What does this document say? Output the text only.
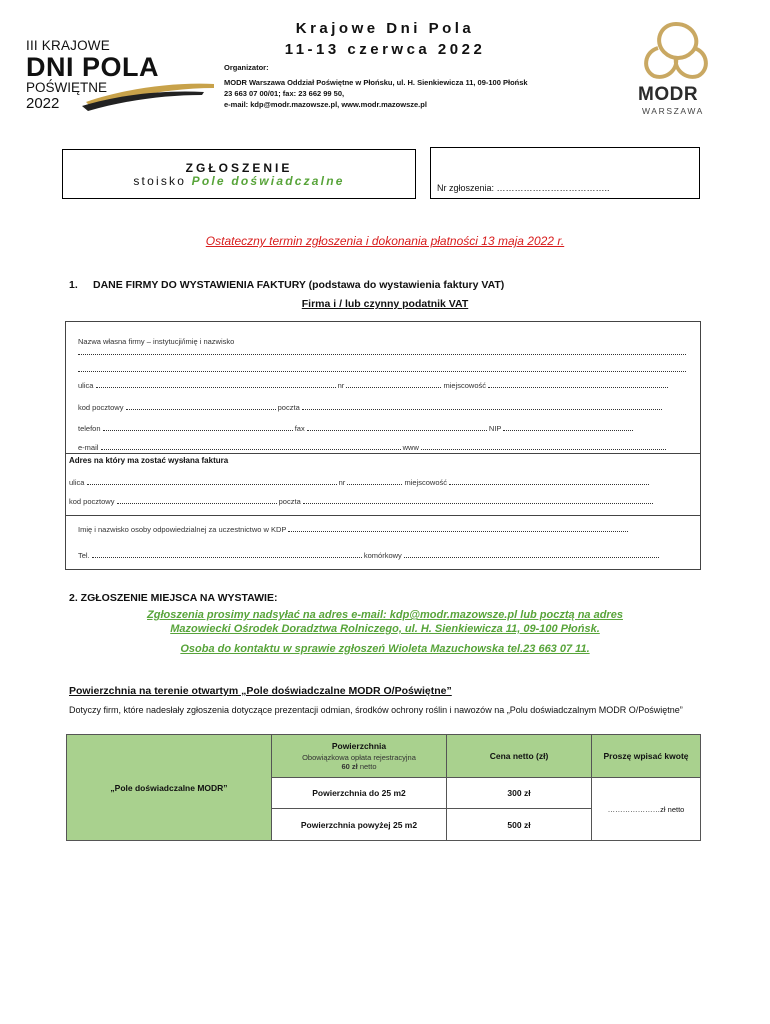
III KRAJOWE
DNI POLA
POŚWIĘTNE
2022
Krajowe Dni Pola
11-13 czerwca 2022
Organizator:
MODR Warszawa Oddział Poświętne w Płońsku, ul. H. Sienkiewicza 11, 09-100 Płońsk
23 663 07 00/01; fax: 23 662 99 50,
e-mail: kdp@modr.mazowsze.pl, www.modr.mazowsze.pl	MODR
WARSZAWA
ZGŁOSZENIE
stoisko Pole doświadczalne	Nr zgłoszenia: ………………………………..
Ostateczny termin zgłoszenia i dokonania płatności 13 maja 2022 r.
1. DANE FIRMY DO WYSTAWIENIA FAKTURY (podstawa do wystawienia faktury VAT)
Firma i / lub czynny podatnik VAT
Nazwa własna firmy – instytucji/imię i nazwisko
ulica	nr	miejscowość
kod pocztowy	poczta
telefon	fax	NIP
e-mail	www
Adres na który ma zostać wysłana faktura
ulica	nr	miejscowość
kod pocztowy	poczta
Imię i nazwisko osoby odpowiedzialnej za uczestnictwo w KDP
Tel.	komórkowy
2. ZGŁOSZENIE MIEJSCA NA WYSTAWIE:
Zgłoszenia prosimy nadsyłać na adres e-mail: kdp@modr.mazowsze.pl lub pocztą na adres
Mazowiecki Ośrodek Doradztwa Rolniczego, ul. H. Sienkiewicza 11, 09-100 Płońsk.
Osoba do kontaktu w sprawie zgłoszeń Wioleta Mazuchowska tel.23 663 07 11.
Powierzchnia na terenie otwartym „Pole doświadczalne MODR O/Poświętne”
Dotyczy firm, które nadesłały zgłoszenia dotyczące prezentacji odmian, środków ochrony roślin i nawozów na „Polu doświadczalnym MODR O/Poświętne”
„Pole doświadczalne MODR”	Powierzchnia
Obowiązkowa opłata rejestracyjna
60 zł netto	Cena netto (zł)	Proszę wpisać kwotę
	Powierzchnia do 25 m2	300 zł	…………………zł netto
	Powierzchnia powyżej 25 m2	500 zł	
